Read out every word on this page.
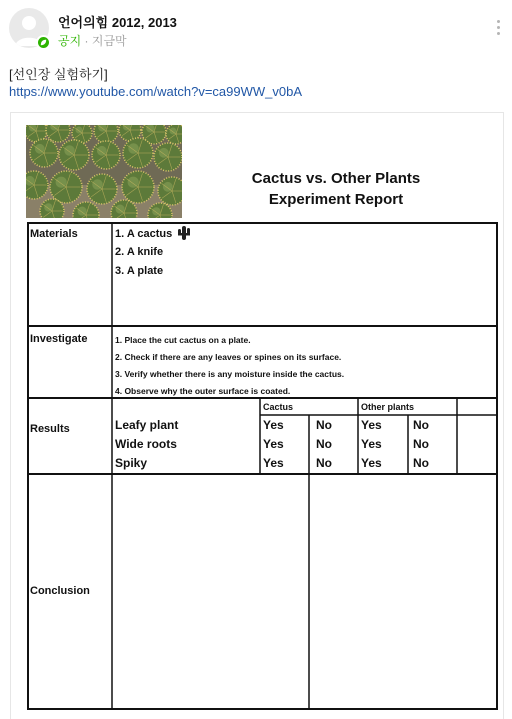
언어의힘 2012, 2013
공지 · 지금막
[선인장 실험하기]
https://www.youtube.com/watch?v=ca99WW_v0bA
Cactus vs. Other Plants
Experiment Report
Materials	1. A cactus
2. A knife
3. A plate
Investigate	1. Place the cut cactus on a plate.
2. Check if there are any leaves or spines on its surface.
3. Verify whether there is any moisture inside the cactus.
4. Observe why the outer surface is coated.
Results
Cactus	Other plants
Leafy plant	Yes	No Yes	No
Wide roots	Yes	No Yes	No
Spiky	Yes	No Yes	No
Conclusion
